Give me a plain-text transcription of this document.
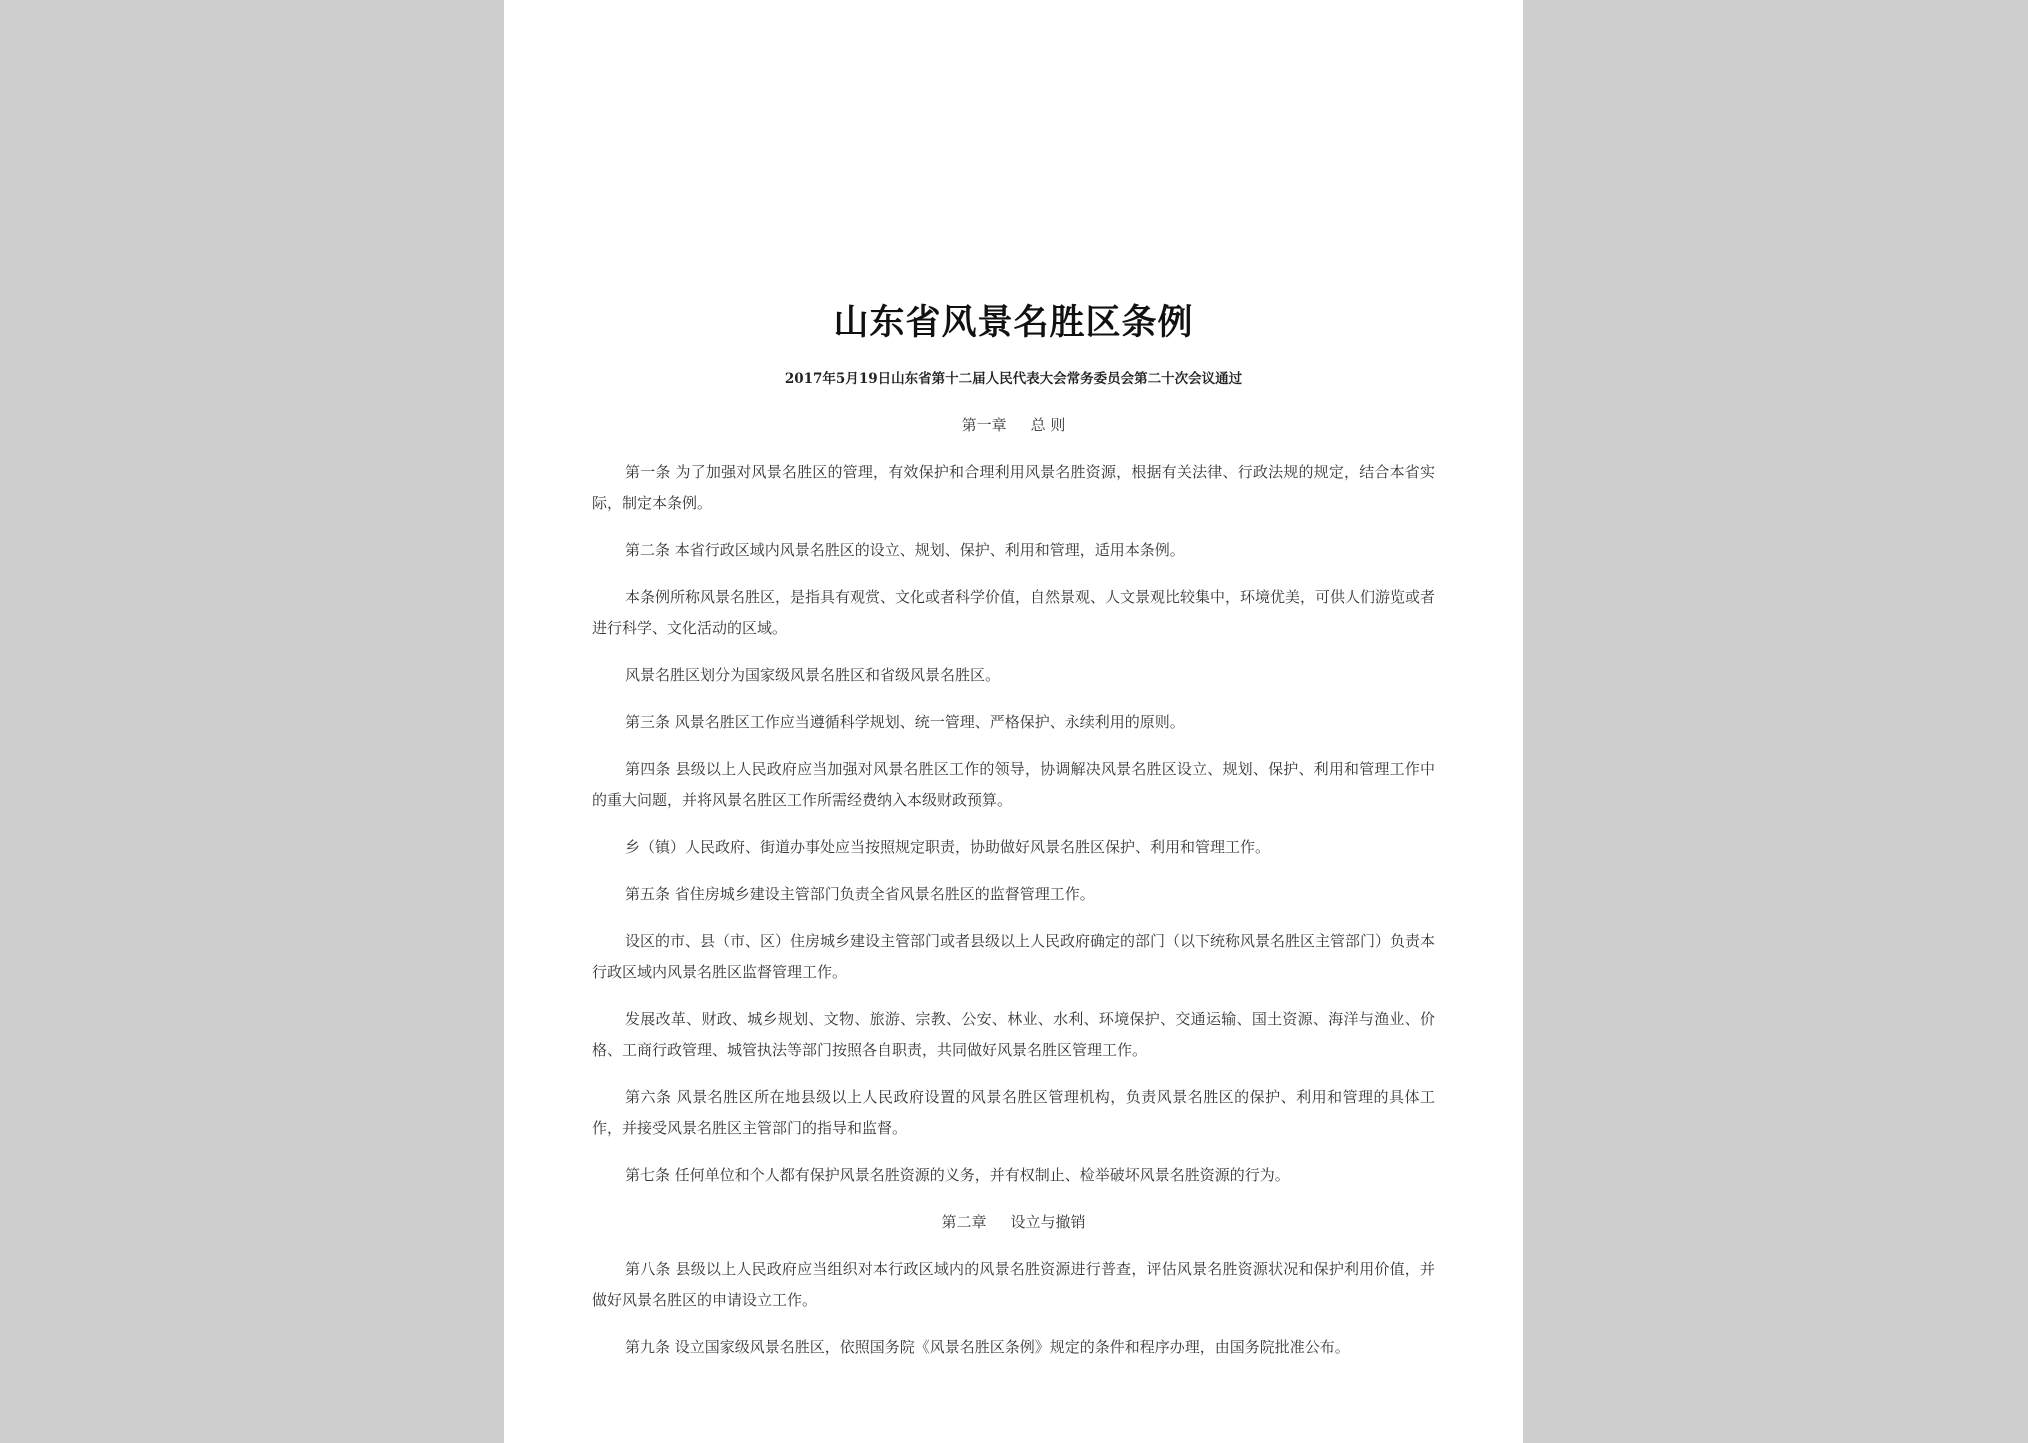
山东省风景名胜区条例

2017年5月19日山东省第十二届人民代表大会常务委员会第二十次会议通过

第一章 总 则

第一条 为了加强对风景名胜区的管理，有效保护和合理利用风景名胜资源，根据有关法律、行政法规的规定，结合本省实际，制定本条例。

第二条 本省行政区域内风景名胜区的设立、规划、保护、利用和管理，适用本条例。

本条例所称风景名胜区，是指具有观赏、文化或者科学价值，自然景观、人文景观比较集中，环境优美，可供人们游览或者进行科学、文化活动的区域。

风景名胜区划分为国家级风景名胜区和省级风景名胜区。

第三条 风景名胜区工作应当遵循科学规划、统一管理、严格保护、永续利用的原则。

第四条 县级以上人民政府应当加强对风景名胜区工作的领导，协调解决风景名胜区设立、规划、保护、利用和管理工作中的重大问题，并将风景名胜区工作所需经费纳入本级财政预算。

乡（镇）人民政府、街道办事处应当按照规定职责，协助做好风景名胜区保护、利用和管理工作。

第五条 省住房城乡建设主管部门负责全省风景名胜区的监督管理工作。

设区的市、县（市、区）住房城乡建设主管部门或者县级以上人民政府确定的部门（以下统称风景名胜区主管部门）负责本行政区域内风景名胜区监督管理工作。

发展改革、财政、城乡规划、文物、旅游、宗教、公安、林业、水利、环境保护、交通运输、国土资源、海洋与渔业、价格、工商行政管理、城管执法等部门按照各自职责，共同做好风景名胜区管理工作。

第六条 风景名胜区所在地县级以上人民政府设置的风景名胜区管理机构，负责风景名胜区的保护、利用和管理的具体工作，并接受风景名胜区主管部门的指导和监督。

第七条 任何单位和个人都有保护风景名胜资源的义务，并有权制止、检举破坏风景名胜资源的行为。

第二章 设立与撤销

第八条 县级以上人民政府应当组织对本行政区域内的风景名胜资源进行普查，评估风景名胜资源状况和保护利用价值，并做好风景名胜区的申请设立工作。

第九条 设立国家级风景名胜区，依照国务院《风景名胜区条例》规定的条件和程序办理，由国务院批准公布。
